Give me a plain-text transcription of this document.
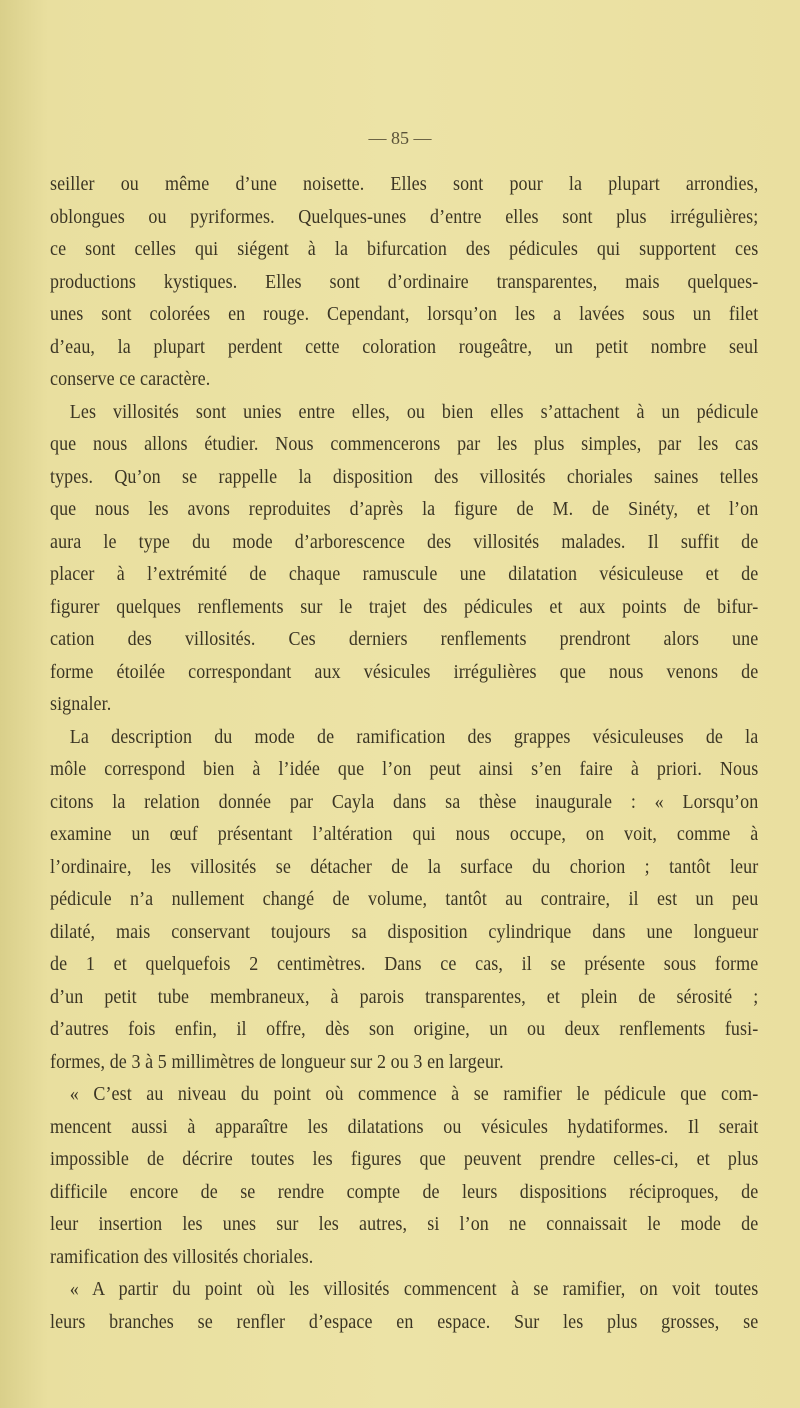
— 85 —
seiller ou même d’une noisette. Elles sont pour la plupart arrondies,
oblongues ou pyriformes. Quelques-unes d’entre elles sont plus irrégulières;
ce sont celles qui siégent à la bifurcation des pédicules qui supportent ces
productions kystiques. Elles sont d’ordinaire transparentes, mais quelques-
unes sont colorées en rouge. Cependant, lorsqu’on les a lavées sous un filet
d’eau, la plupart perdent cette coloration rougeâtre, un petit nombre seul
conserve ce caractère.
Les villosités sont unies entre elles, ou bien elles s’attachent à un pédicule
que nous allons étudier. Nous commencerons par les plus simples, par les cas
types. Qu’on se rappelle la disposition des villosités choriales saines telles
que nous les avons reproduites d’après la figure de M. de Sinéty, et l’on
aura le type du mode d’arborescence des villosités malades. Il suffit de
placer à l’extrémité de chaque ramuscule une dilatation vésiculeuse et de
figurer quelques renflements sur le trajet des pédicules et aux points de bifur-
cation des villosités. Ces derniers renflements prendront alors une
forme étoilée correspondant aux vésicules irrégulières que nous venons de
signaler.
La description du mode de ramification des grappes vésiculeuses de la
môle correspond bien à l’idée que l’on peut ainsi s’en faire à priori. Nous
citons la relation donnée par Cayla dans sa thèse inaugurale : « Lorsqu’on
examine un œuf présentant l’altération qui nous occupe, on voit, comme à
l’ordinaire, les villosités se détacher de la surface du chorion ; tantôt leur
pédicule n’a nullement changé de volume, tantôt au contraire, il est un peu
dilaté, mais conservant toujours sa disposition cylindrique dans une longueur
de 1 et quelquefois 2 centimètres. Dans ce cas, il se présente sous forme
d’un petit tube membraneux, à parois transparentes, et plein de sérosité ;
d’autres fois enfin, il offre, dès son origine, un ou deux renflements fusi-
formes, de 3 à 5 millimètres de longueur sur 2 ou 3 en largeur.
« C’est au niveau du point où commence à se ramifier le pédicule que com-
mencent aussi à apparaître les dilatations ou vésicules hydatiformes. Il serait
impossible de décrire toutes les figures que peuvent prendre celles-ci, et plus
difficile encore de se rendre compte de leurs dispositions réciproques, de
leur insertion les unes sur les autres, si l’on ne connaissait le mode de
ramification des villosités choriales.
« A partir du point où les villosités commencent à se ramifier, on voit toutes
leurs branches se renfler d’espace en espace. Sur les plus grosses, se
